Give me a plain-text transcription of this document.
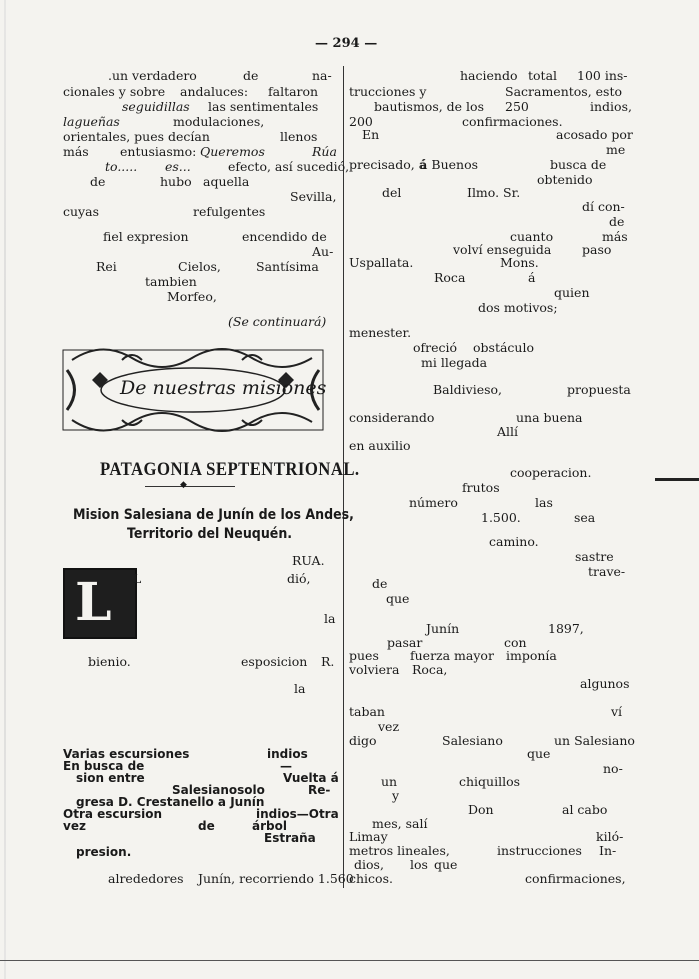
— 294 —
.un verdadero	de	na-
cionales y sobre andaluces: faltaron
seguidillas las sentimentales
lagueñas	modulaciones,
orientales, pues decían	llenos
más	entusiasmo: Queremos	Rúa
to..... es...	efecto, así sucedió,
de	hubo aquella
Sevilla,
cuyas	refulgentes
fiel expresion	encendido de
Au-
Rei	Cielos,	Santísima
tambien
Morfeo,
(Se continuará)
De nuestras misiones
PATAGONIA SEPTENTRIONAL.
◆
Mision Salesiana de Junín de los Andes,
Territorio del Neuquén.
L
RUA.
L	dió,
la
bienio.	esposicion R.
la
Varias escursiones	indios
En busca de	—
sion entre	Vuelta á
Salesianosolo	Re-
gresa D. Crestanello a Junín
Otra escursion	indios—Otra
vez	de	árbol
Estraña
presion.
alrededores Junín, recorriendo 1.560
haciendo total 100 ins-
trucciones y	Sacramentos, esto
bautismos, de los 250	indios,
200	confirmaciones.
En	acosado por
me
precisado, á
á Buenos	busca de
obtenido
del	Ilmo. Sr.
dí con-
de
cuanto	más
volví enseguida paso
Uspallata.	Mons.
Roca	á
quien
dos motivos;
menester.
ofreció obstáculo
mi llegada
Baldivieso,	propuesta
considerando	una buena
Allí
en auxilio
cooperacion.
frutos
número	las
1.500.	sea
camino.
sastre
trave-
de
que
Junín	1897,
pasar	con
pues fuerza mayor imponía
volviera Roca,
algunos
taban	ví
vez
digo	Salesiano	un Salesiano
que
no-
un	chiquillos
y
Don	al cabo
mes, salí
Limay	kiló-
metros lineales,	instrucciones In-
dios, los que
chicos.	confirmaciones,
